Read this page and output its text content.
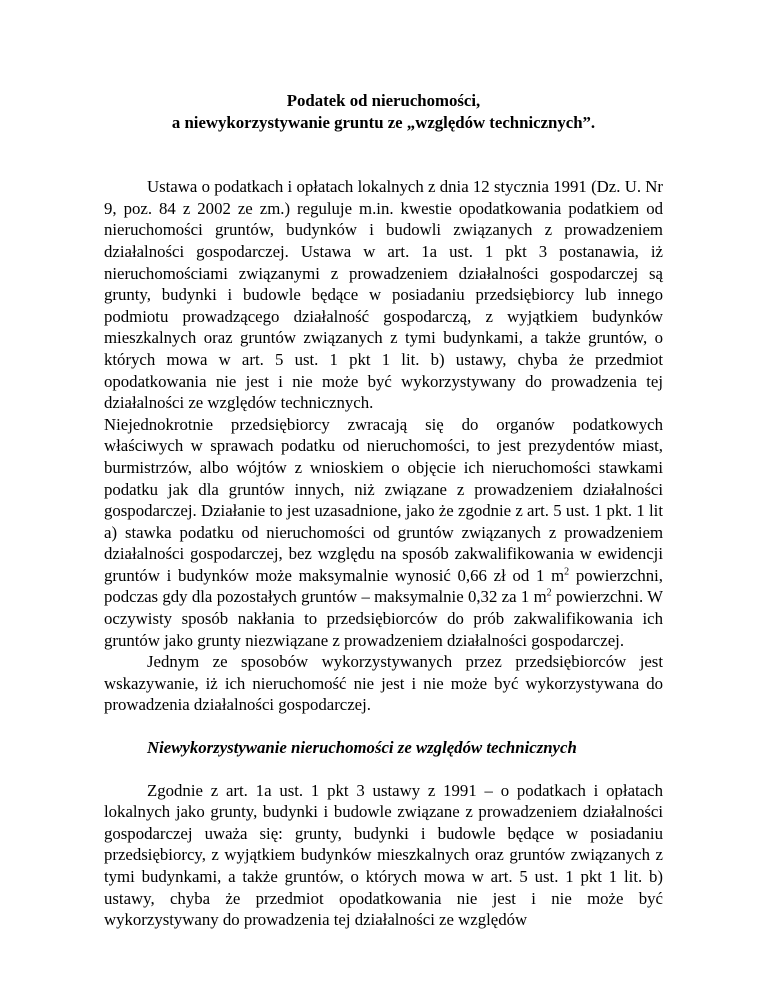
Podatek od nieruchomości,
a niewykorzystywanie gruntu ze „względów technicznych”.

Ustawa o podatkach i opłatach lokalnych z dnia 12 stycznia 1991 (Dz. U. Nr 9, poz. 84 z 2002 ze zm.) reguluje m.in. kwestie opodatkowania podatkiem od nieruchomości gruntów, budynków i budowli związanych z prowadzeniem działalności gospodarczej. Ustawa w art. 1a ust. 1 pkt 3 postanawia, iż nieruchomościami związanymi z prowadzeniem działalności gospodarczej są grunty, budynki i budowle będące w posiadaniu przedsiębiorcy lub innego podmiotu prowadzącego działalność gospodarczą, z wyjątkiem budynków mieszkalnych oraz gruntów związanych z tymi budynkami, a także gruntów, o których mowa w art. 5 ust. 1 pkt 1 lit. b) ustawy, chyba że przedmiot opodatkowania nie jest i nie może być wykorzystywany do prowadzenia tej działalności ze względów technicznych.

Niejednokrotnie przedsiębiorcy zwracają się do organów podatkowych właściwych w sprawach podatku od nieruchomości, to jest prezydentów miast, burmistrzów, albo wójtów z wnioskiem o objęcie ich nieruchomości stawkami podatku jak dla gruntów innych, niż związane z prowadzeniem działalności gospodarczej. Działanie to jest uzasadnione, jako że zgodnie z art. 5 ust. 1 pkt. 1 lit a) stawka podatku od nieruchomości od gruntów związanych z prowadzeniem działalności gospodarczej, bez względu na sposób zakwalifikowania w ewidencji gruntów i budynków może maksymalnie wynosić 0,66 zł od 1 $m^2$ powierzchni, podczas gdy dla pozostałych gruntów – maksymalnie 0,32 za 1 $m^2$ powierzchni. W oczywisty sposób nakłania to przedsiębiorców do prób zakwalifikowania ich gruntów jako grunty niezwiązane z prowadzeniem działalności gospodarczej.

Jednym ze sposobów wykorzystywanych przez przedsiębiorców jest wskazywanie, iż ich nieruchomość nie jest i nie może być wykorzystywana do prowadzenia działalności gospodarczej.

Niewykorzystywanie nieruchomości ze względów technicznych

Zgodnie z art. 1a ust. 1 pkt 3 ustawy z 1991 – o podatkach i opłatach lokalnych jako grunty, budynki i budowle związane z prowadzeniem działalności gospodarczej uważa się: grunty, budynki i budowle będące w posiadaniu przedsiębiorcy, z wyjątkiem budynków mieszkalnych oraz gruntów związanych z tymi budynkami, a także gruntów, o których mowa w art. 5 ust. 1 pkt 1 lit. b) ustawy, chyba że przedmiot opodatkowania nie jest i nie może być wykorzystywany do prowadzenia tej działalności ze względów
